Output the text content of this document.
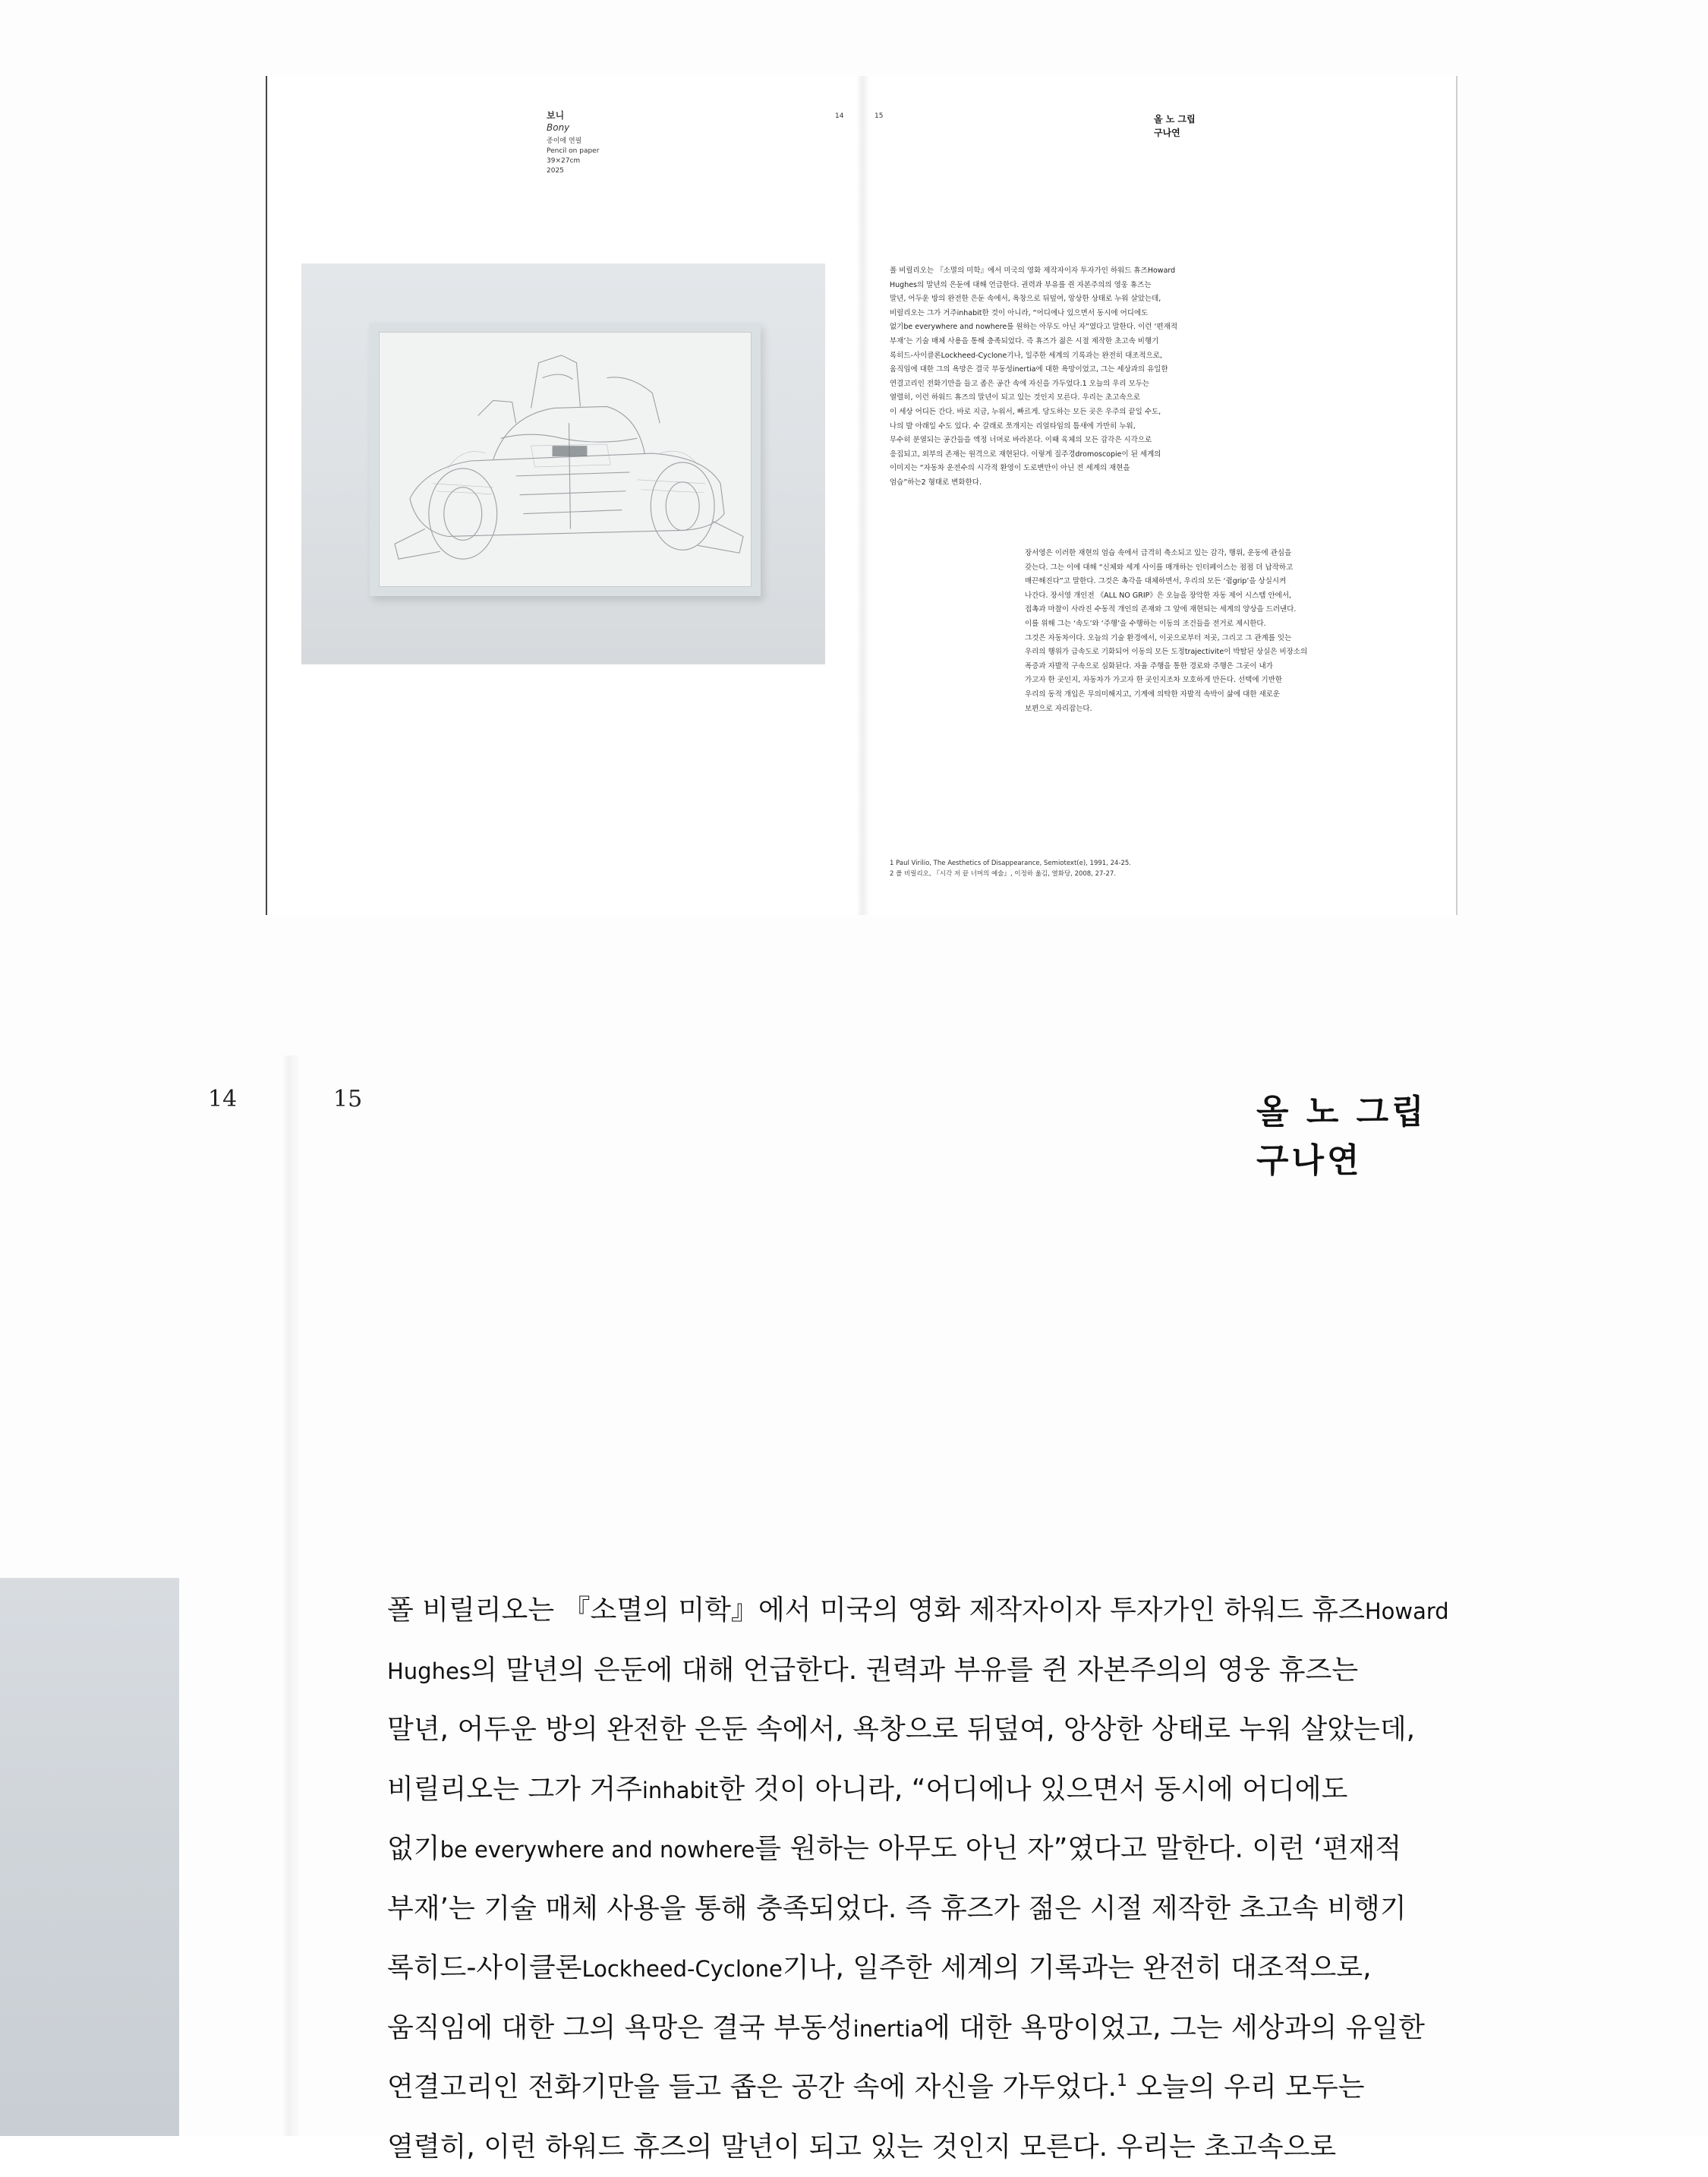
보니
Bony
종이에 연필
Pencil on paper
39×27cm
2025
14	15	올 노 그립
구나연
폴 비릴리오는 『소멸의 미학』에서 미국의 영화 제작자이자 투자가인 하워드 휴즈Howard
Hughes의 말년의 은둔에 대해 언급한다. 권력과 부유를 쥔 자본주의의 영웅 휴즈는
말년, 어두운 방의 완전한 은둔 속에서, 욕창으로 뒤덮여, 앙상한 상태로 누워 살았는데,
비릴리오는 그가 거주inhabit한 것이 아니라, “어디에나 있으면서 동시에 어디에도
없기be everywhere and nowhere를 원하는 아무도 아닌 자”였다고 말한다. 이런 ‘편재적
부재’는 기술 매체 사용을 통해 충족되었다. 즉 휴즈가 젊은 시절 제작한 초고속 비행기
록히드-사이클론Lockheed-Cyclone기나, 일주한 세계의 기록과는 완전히 대조적으로,
움직임에 대한 그의 욕망은 결국 부동성inertia에 대한 욕망이었고, 그는 세상과의 유일한
연결고리인 전화기만을 들고 좁은 공간 속에 자신을 가두었다.1 오늘의 우리 모두는
열렬히, 이런 하워드 휴즈의 말년이 되고 있는 것인지 모른다. 우리는 초고속으로
이 세상 어디든 간다. 바로 지금, 누워서, 빠르게. 당도하는 모든 곳은 우주의 끝일 수도,
나의 발 아래일 수도 있다. 수 갈래로 쪼개지는 리얼타임의 틈새에 가만히 누워,
무수히 분열되는 공간들을 액정 너머로 바라본다. 이때 육체의 모든 감각은 시각으로
응집되고, 외부의 존재는 원격으로 재현된다. 이렇게 질주경dromoscopie이 된 세계의
이미지는 “자동차 운전수의 시각적 환영이 도로변만이 아닌 전 세계의 재현을
엄습”하는2 형태로 변화한다.
장서영은 이러한 재현의 엄습 속에서 급격히 축소되고 있는 감각, 행위, 운동에 관심을
갖는다. 그는 이에 대해 “신체와 세계 사이를 매개하는 인터페이스는 점점 더 납작하고
매끈해진다”고 말한다. 그것은 촉각을 대체하면서, 우리의 모든 ‘쥠grip’을 상실시켜
나간다. 장서영 개인전 《ALL NO GRIP》은 오늘을 장악한 자동 제어 시스템 안에서,
접촉과 마찰이 사라진 수동적 개인의 존재와 그 앞에 재현되는 세계의 양상을 드러낸다.
이를 위해 그는 ‘속도’와 ‘주행’을 수행하는 이동의 조건들을 전거로 제시한다.
그것은 자동차이다. 오늘의 기술 환경에서, 이곳으로부터 저곳, 그리고 그 관계를 잇는
우리의 행위가 급속도로 기화되어 이동의 모든 도정trajectivite이 박탈된 상실은 비장소의
폭증과 자발적 구속으로 심화된다. 자율 주행을 통한 경로와 주행은 그곳이 내가
가고자 한 곳인지, 자동차가 가고자 한 곳인지조차 모호하게 만든다. 선택에 기반한
우리의 동적 개입은 무의미해지고, 기계에 의탁한 자발적 속박이 삶에 대한 새로운
보편으로 자리잡는다.
1 Paul Virilio, The Aesthetics of Disappearance, Semiotext(e), 1991, 24-25.
2 폴 비릴리오, 『시각 저 끝 너머의 예술』, 이정하 옮김, 열화당, 2008, 27-27.
14	15	올 노 그립
구나연
폴 비릴리오는 『소멸의 미학』에서 미국의 영화 제작자이자 투자가인 하워드 휴즈Howard
Hughes의 말년의 은둔에 대해 언급한다. 권력과 부유를 쥔 자본주의의 영웅 휴즈는
말년, 어두운 방의 완전한 은둔 속에서, 욕창으로 뒤덮여, 앙상한 상태로 누워 살았는데,
비릴리오는 그가 거주inhabit한 것이 아니라, “어디에나 있으면서 동시에 어디에도
없기be everywhere and nowhere를 원하는 아무도 아닌 자”였다고 말한다. 이런 ‘편재적
부재’는 기술 매체 사용을 통해 충족되었다. 즉 휴즈가 젊은 시절 제작한 초고속 비행기
록히드-사이클론Lockheed-Cyclone기나, 일주한 세계의 기록과는 완전히 대조적으로,
움직임에 대한 그의 욕망은 결국 부동성inertia에 대한 욕망이었고, 그는 세상과의 유일한
연결고리인 전화기만을 들고 좁은 공간 속에 자신을 가두었다.$^1$ 오늘의 우리 모두는
열렬히, 이런 하워드 휴즈의 말년이 되고 있는 것인지 모른다. 우리는 초고속으로
